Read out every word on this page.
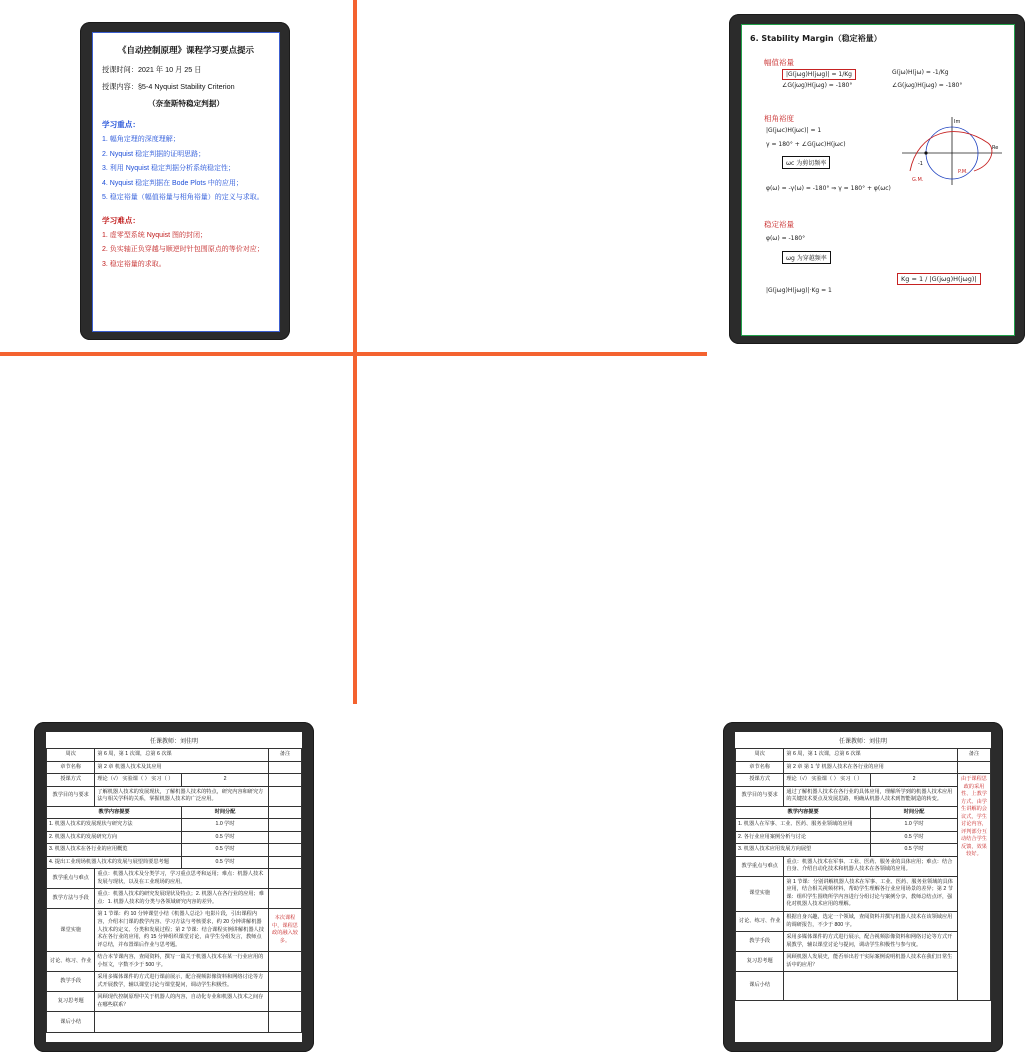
《自动控制原理》课程学习要点提示
授课时间：2021 年 10 月 25 日
授课内容：§5-4 Nyquist Stability Criterion
（奈奎斯特稳定判据）
学习重点：
1. 幅角定理的深度理解；
2. Nyquist 稳定判据的证明思路；
3. 利用 Nyquist 稳定判据分析系统稳定性；
4. Nyquist 稳定判据在 Bode Plots 中的应用；
5. 稳定裕量（幅值裕量与相角裕量）的定义与求取。
学习难点：
1. 虚零型系统 Nyquist 图的封闭；
2. 负实轴正负穿越与顺逆时针包围原点的等价对应；
3. 稳定裕量的求取。
6. Stability Margin（稳定裕量）
幅值裕量
|G(jωg)H(jωg)| = 1/Kg
∠G(jωg)H(jωg) = -180°
G(jω)H(jω) = -1/Kg
∠G(jωg)H(jωg) = -180°
相角裕度
|G(jωc)H(jωc)| = 1
γ = 180° + ∠G(jωc)H(jωc)
ωc 为剪切频率
φ(ω) = -γ(ω) = -180° ⇒ γ = 180° + φ(ωc)
-1
Re
Im
P.M.
G.M.
稳定裕量
φ(ω) = -180°
ωg 为穿越频率
Kg = 1 / |G(jωg)H(jωg)|
|G(jωg)H(jωg)|·Kg = 1
任课教师：刘佳明
周次	第 6 周，第 1 次课，总第 6 次课		备注
章节名称	第 2 章 机器人技术及其应用		
授课方式	理论（√） 实验课（ ） 实习（ ）	2	
教学目的与要求	了解机器人技术的发展现状，了解机器人技术的特点，研究内容和研究方法与相关学科的关系，掌握机器人技术的广泛应用。		
教学内容提要		时间分配	
1. 机器人技术的发展现状与研究方法		1.0 学时	
2. 机器人技术的发展研究方向		0.5 学时	
3. 机器人技术在各行业的应用概览		0.5 学时	
4. 提出工业现场机器人技术的发展与展望简要思考题		0.5 学时	
教学重点与难点	重点：机器人技术及分类学习，学习重点思考和运用；难点：机器人技术发展与现状，以及在工业现场的应用。		
教学方法与手段	重点：机器人技术的研究发展现状及特点；2. 机器人在各行业的应用；难点：1. 机器人技术的分类与各领域研究内容的差异。		
课堂实施	第 1 节课：约 10 分钟课堂小结《机器人总论》电影片段，引出课程内容，介绍本门课的教学内容、学习方法与考核要求，约 20 分钟讲解机器人技术的定义、分类和发展过程；第 2 节课：结合课程实例讲解机器人技术在各行业的应用，约 15 分钟组织课堂讨论，由学生分组发言，教师点评总结，并布置课后作业与思考题。		本次课程中，课程思政的融入较多。
讨论、练习、作业	结合本节课内容，查阅资料，撰写一篇关于机器人技术在某一行业应用的小短文，字数不少于 500 字。		
教学手段	采用多媒体课件的方式进行课前展示，配合视频影像资料和网络讨论等方式开展教学，辅以课堂讨论与课堂提问，调动学生积极性。		
复习思考题	回顾现代控制原理中关于机器人的内容，自动化专业和机器人技术之间存在哪些联系？		
课后小结			
任课教师：刘佳明
周次	第 6 周，第 1 次课，总第 6 次课		备注
章节名称	第 2 章 第 1 节 机器人技术在各行业的应用		
授课方式	理论（√） 实验课（ ） 实习（ ）	2	由于课程思政的采用性、上教学方式、由学生讲解的会议式，学生讨论内容，评判部分互动结合学生反馈，效果较好。
教学目的与要求	通过了解机器人技术在各行业的具体应用，理解所学到的机器人技术应用的关键技术要点及发展思路，明确从机器人技术到智能制造的转变。		
教学内容提要		时间分配	
1. 机器人在军事、工业、医药、服务业领域的应用		1.0 学时	
2. 各行业应用案例分析与讨论		0.5 学时	
3. 机器人技术应用发展方向展望		0.5 学时	
教学重点与难点	重点：机器人技术在军事、工业、医药、服务业的具体应用；难点：结合自身、介绍自动化技术和机器人技术在各领域的应用。		
课堂实施	第 1 节课：分别讲解机器人技术在军事、工业、医药、服务业领域的具体应用，结合相关视频材料，帮助学生理解各行业应用场景的差异；第 2 节课：组织学生围绕所学内容进行分组讨论与案例分享，教师总结点评，强化对机器人技术应用的理解。		
讨论、练习、作业	根据自身兴趣，选定一个领域，查阅资料并撰写机器人技术在该领域应用的调研报告，不少于 800 字。		
教学手段	采用多媒体课件的方式进行展示，配合视频影像资料和网络讨论等方式开展教学，辅以课堂讨论与提问，调动学生积极性与参与度。		
复习思考题	回顾机器人发展史，能否举出若干实际案例说明机器人技术在我们日常生活中的应用？		
课后小结			
